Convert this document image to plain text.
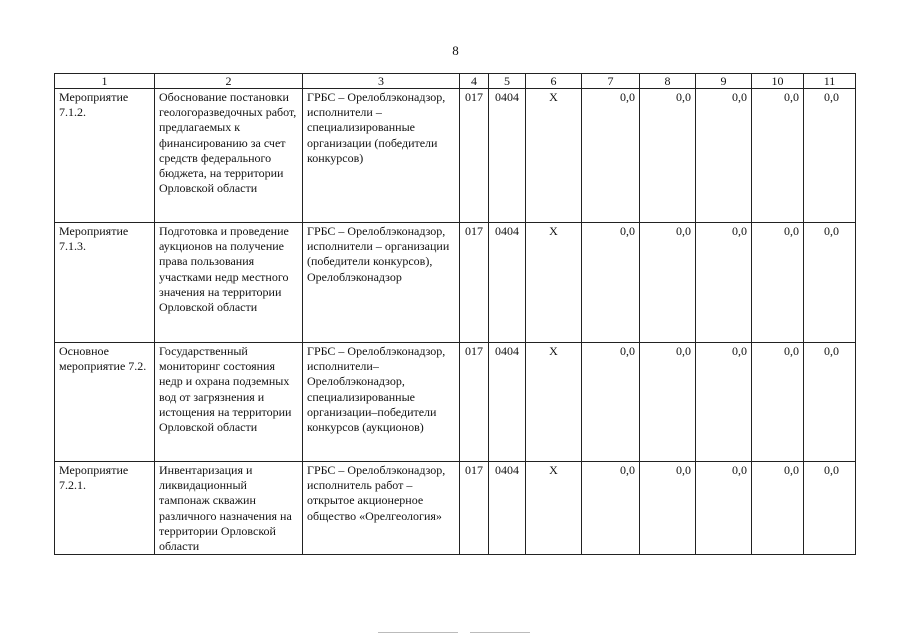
8
1	2	3	4	5	6	7	8	9	10	11
Мероприятие 7.1.2.	Обоснование постановки геологоразведочных работ, предлагаемых к финансированию за счет средств федерального бюджета, на территории Орловской области	ГРБС – Орелоблэконадзор, исполнители – специализированные организации (победители конкурсов)	017	0404	X	0,0	0,0	0,0	0,0	0,0
Мероприятие 7.1.3.	Подготовка и проведение аукционов на получение права пользования участками недр местного значения на территории Орловской области	ГРБС – Орелоблэконадзор, исполнители – организации (победители конкурсов), Орелоблэконадзор	017	0404	X	0,0	0,0	0,0	0,0	0,0
Основное мероприятие 7.2.	Государственный мониторинг состояния недр и охрана подземных вод от загрязнения и истощения на территории Орловской области	ГРБС – Орелоблэконадзор, исполнители– Орелоблэконадзор, специализированные организации–победители конкурсов (аукционов)	017	0404	X	0,0	0,0	0,0	0,0	0,0
Мероприятие 7.2.1.	Инвентаризация и ликвидационный тампонаж скважин различного назначения на территории Орловской области	ГРБС – Орелоблэконадзор, исполнитель работ – открытое акционерное общество «Орелгеология»	017	0404	X	0,0	0,0	0,0	0,0	0,0
